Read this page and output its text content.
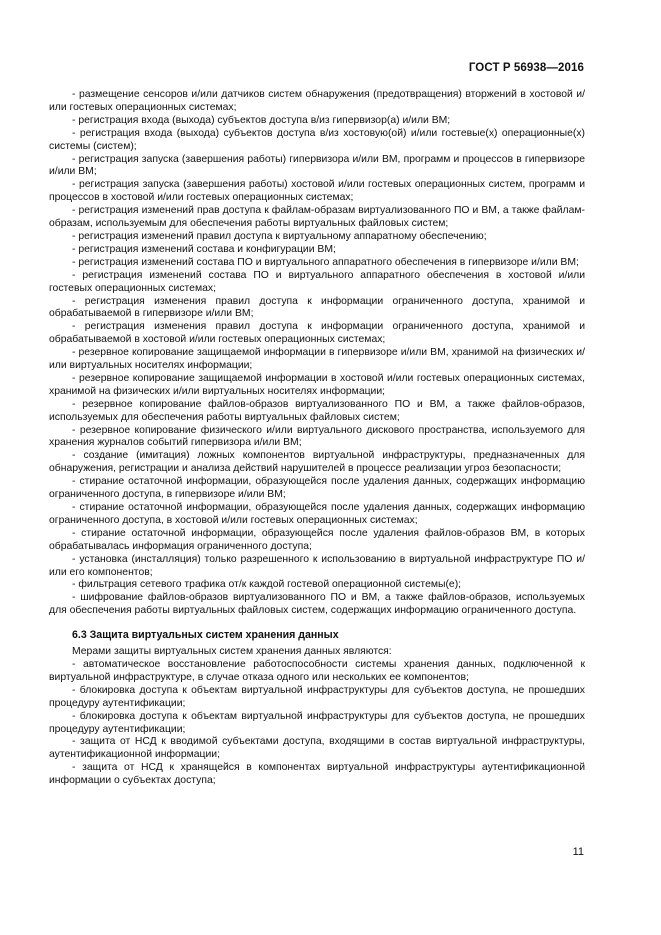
ГОСТ Р 56938—2016

- размещение сенсоров и/или датчиков систем обнаружения (предотвращения) вторжений в хостовой и/или гостевых операционных системах;

- регистрация входа (выхода) субъектов доступа в/из гипервизор(а) и/или ВМ;

- регистрация входа (выхода) субъектов доступа в/из хостовую(ой) и/или гостевые(х) операционные(х) системы (систем);

- регистрация запуска (завершения работы) гипервизора и/или ВМ, программ и процессов в гипервизоре и/или ВМ;

- регистрация запуска (завершения работы) хостовой и/или гостевых операционных систем, программ и процессов в хостовой и/или гостевых операционных системах;

- регистрация изменений прав доступа к файлам-образам виртуализованного ПО и ВМ, а также файлам-образам, используемым для обеспечения работы виртуальных файловых систем;

- регистрация изменений правил доступа к виртуальному аппаратному обеспечению;

- регистрация изменений состава и конфигурации ВМ;

- регистрация изменений состава ПО и виртуального аппаратного обеспечения в гипервизоре и/или ВМ;

- регистрация изменений состава ПО и виртуального аппаратного обеспечения в хостовой и/или гостевых операционных системах;

- регистрация изменения правил доступа к информации ограниченного доступа, хранимой и обрабатываемой в гипервизоре и/или ВМ;

- регистрация изменения правил доступа к информации ограниченного доступа, хранимой и обрабатываемой в хостовой и/или гостевых операционных системах;

- резервное копирование защищаемой информации в гипервизоре и/или ВМ, хранимой на физических и/или виртуальных носителях информации;

- резервное копирование защищаемой информации в хостовой и/или гостевых операционных системах, хранимой на физических и/или виртуальных носителях информации;

- резервное копирование файлов-образов виртуализованного ПО и ВМ, а также файлов-образов, используемых для обеспечения работы виртуальных файловых систем;

- резервное копирование физического и/или виртуального дискового пространства, используемого для хранения журналов событий гипервизора и/или ВМ;

- создание (имитация) ложных компонентов виртуальной инфраструктуры, предназначенных для обнаружения, регистрации и анализа действий нарушителей в процессе реализации угроз безопасности;

- стирание остаточной информации, образующейся после удаления данных, содержащих информацию ограниченного доступа, в гипервизоре и/или ВМ;

- стирание остаточной информации, образующейся после удаления данных, содержащих информацию ограниченного доступа, в хостовой и/или гостевых операционных системах;

- стирание остаточной информации, образующейся после удаления файлов-образов ВМ, в которых обрабатывалась информация ограниченного доступа;

- установка (инсталляция) только разрешенного к использованию в виртуальной инфраструктуре ПО и/или его компонентов;

- фильтрация сетевого трафика от/к каждой гостевой операционной системы(е);

- шифрование файлов-образов виртуализованного ПО и ВМ, а также файлов-образов, используемых для обеспечения работы виртуальных файловых систем, содержащих информацию ограниченного доступа.

6.3 Защита виртуальных систем хранения данных

Мерами защиты виртуальных систем хранения данных являются:

- автоматическое восстановление работоспособности системы хранения данных, подключенной к виртуальной инфраструктуре, в случае отказа одного или нескольких ее компонентов;

- блокировка доступа к объектам виртуальной инфраструктуры для субъектов доступа, не прошедших процедуру аутентификации;

- блокировка доступа к объектам виртуальной инфраструктуры для субъектов доступа, не прошедших процедуру аутентификации;

- защита от НСД к вводимой субъектами доступа, входящими в состав виртуальной инфраструктуры, аутентификационной информации;

- защита от НСД к хранящейся в компонентах виртуальной инфраструктуры аутентификационной информации о субъектах доступа;

11
